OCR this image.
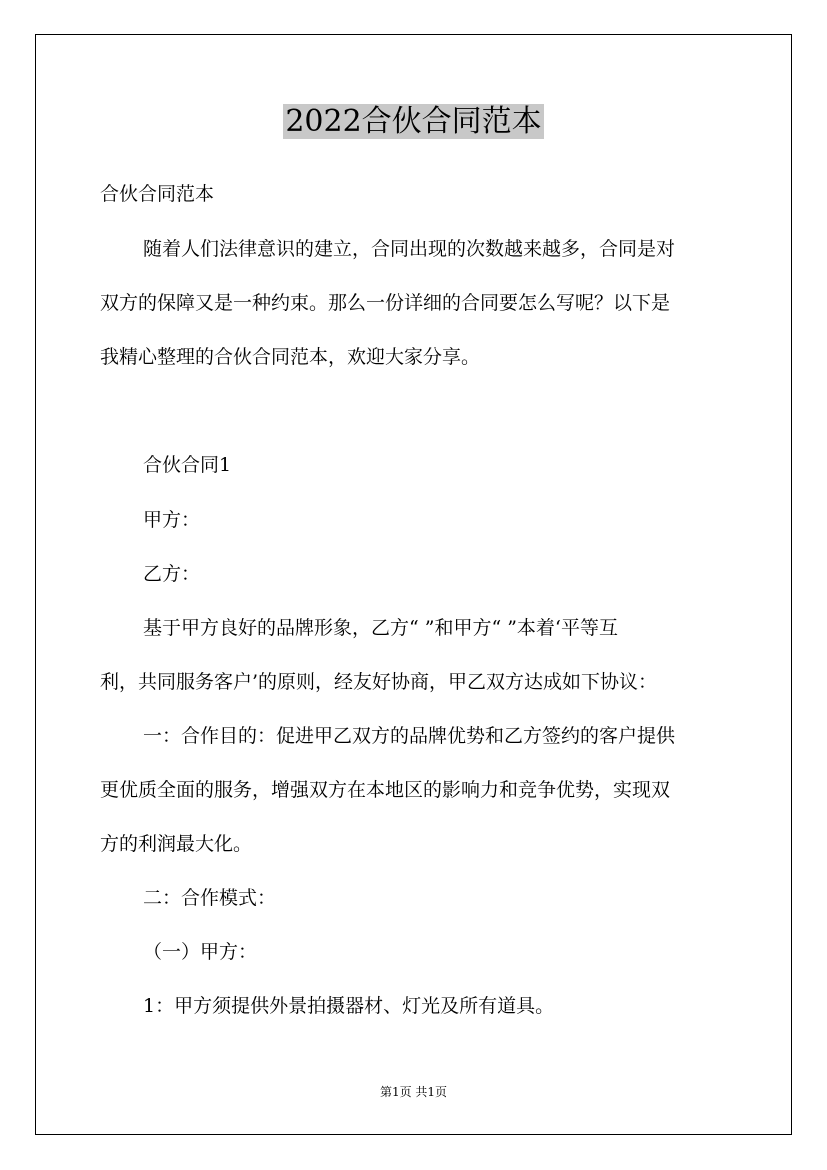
2022合伙合同范本
合伙合同范本
随着人们法律意识的建立，合同出现的次数越来越多，合同是对
双方的保障又是一种约束。那么一份详细的合同要怎么写呢？以下是
我精心整理的合伙合同范本，欢迎大家分享。
合伙合同1
甲方：
乙方：
基于甲方良好的品牌形象，乙方“ ”和甲方“ ”本着‘平等互
利，共同服务客户’的原则，经友好协商，甲乙双方达成如下协议：
一：合作目的：促进甲乙双方的品牌优势和乙方签约的客户提供
更优质全面的服务，增强双方在本地区的影响力和竞争优势，实现双
方的利润最大化。
二：合作模式：
（一）甲方：
1：甲方须提供外景拍摄器材、灯光及所有道具。
第1页 共1页
